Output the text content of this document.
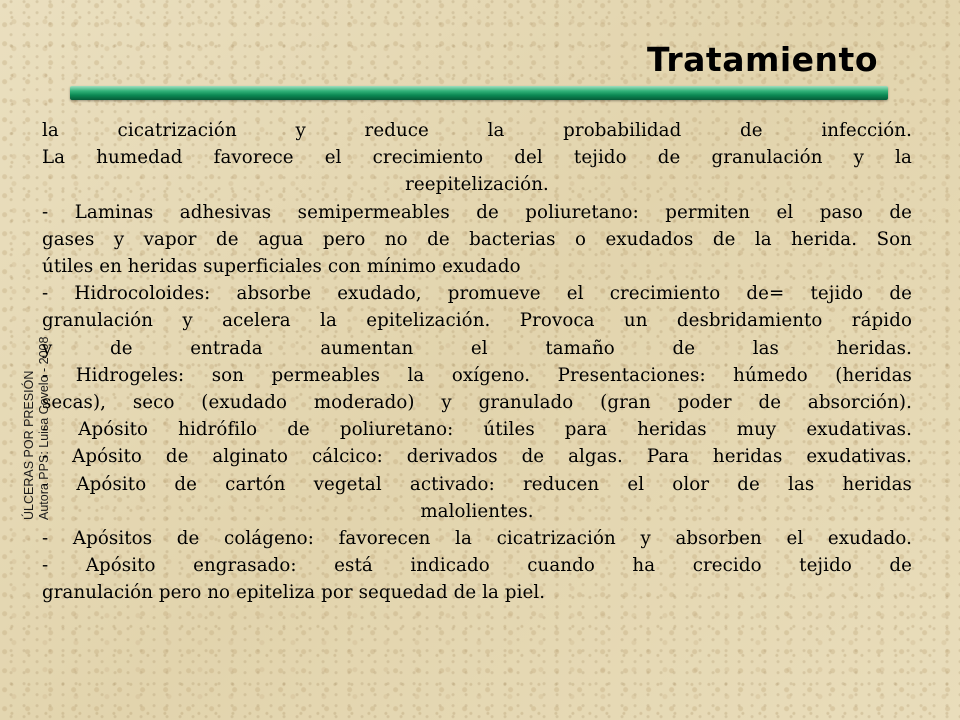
Tratamiento
ÚLCERAS POR PRESIÓN Autora PPS: Luisa Covelo - 2008

la cicatrización y reduce la probabilidad de infección.

La humedad favorece el crecimiento del tejido de granulación y la

reepitelización.

- Laminas adhesivas semipermeables de poliuretano: permiten el paso de

gases y vapor de agua pero no de bacterias o exudados de la herida. Son

útiles en heridas superficiales con mínimo exudado

- Hidrocoloides: absorbe exudado, promueve el crecimiento de= tejido de

granulación y acelera la epitelización. Provoca un desbridamiento rápido

y de entrada aumentan el tamaño de las heridas.

- Hidrogeles: son permeables la oxígeno. Presentaciones: húmedo (heridas

secas), seco (exudado moderado) y granulado (gran poder de absorción).

- Apósito hidrófilo de poliuretano: útiles para heridas muy exudativas.

- Apósito de alginato cálcico: derivados de algas. Para heridas exudativas.

- Apósito de cartón vegetal activado: reducen el olor de las heridas

malolientes.

- Apósitos de colágeno: favorecen la cicatrización y absorben el exudado.

- Apósito engrasado: está indicado cuando ha crecido tejido de

granulación pero no epiteliza por sequedad de la piel.
